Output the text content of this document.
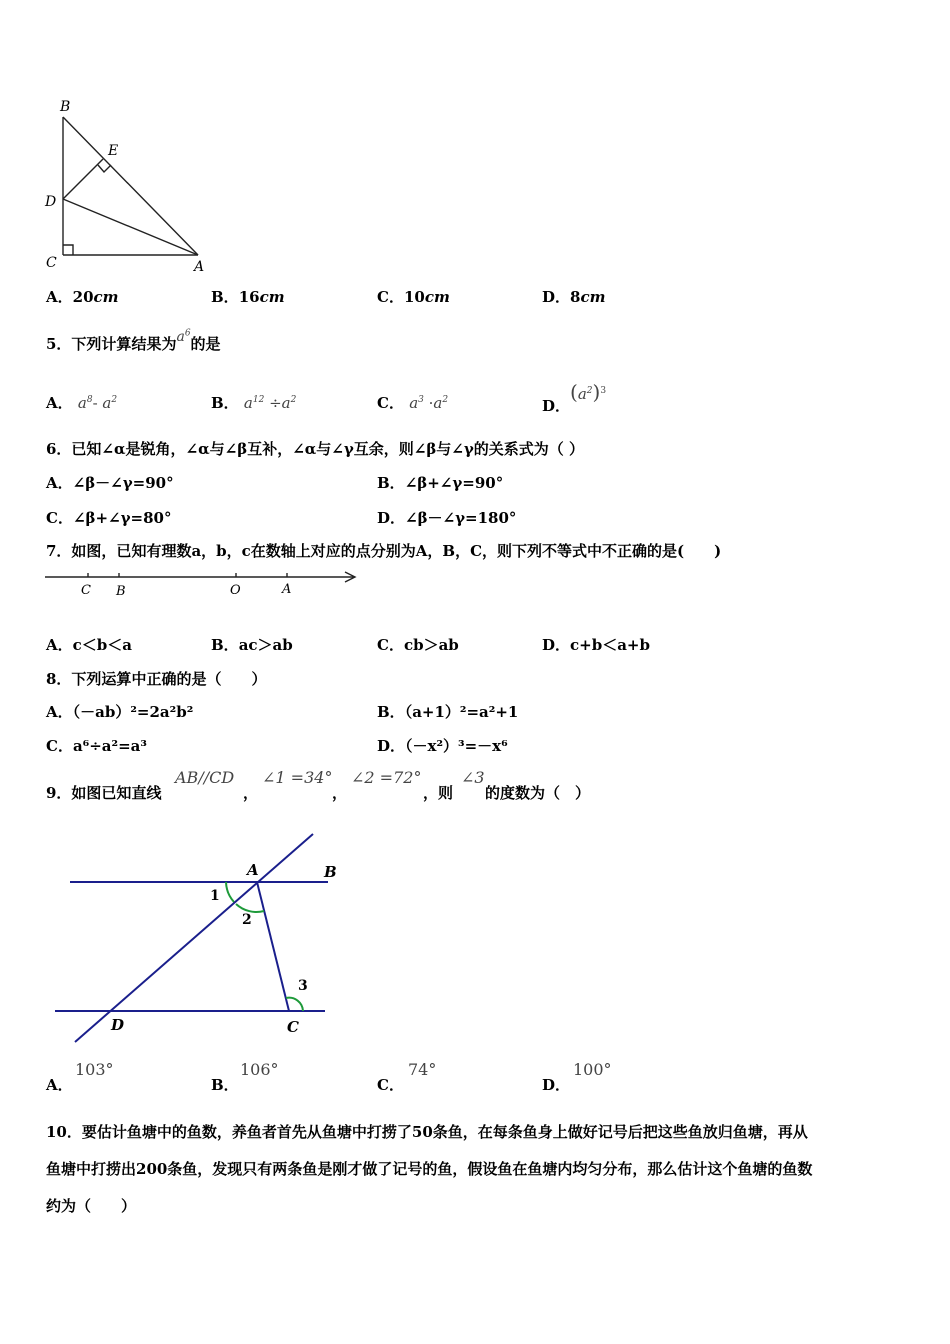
B
E
D
C	A
A．20cm	B．16cm	C．10cm	D．8cm
5．下列计算结果为$a^6$的是
A． $a^8-$ $a^2$	B． $a^{12} \div a^2$	C． $a^3 \cdot a^2$	D．$(a^2)^3$
6．已知∠α是锐角，∠α与∠β互补，∠α与∠γ互余，则∠β与∠γ的关系式为（ ）
A．∠β－∠γ=90°	B．∠β+∠γ=90°
C．∠β+∠γ=80°	D．∠β－∠γ=180°
7．如图，已知有理数a，b，c在数轴上对应的点分别为A，B，C，则下列不等式中不正确的是(　　)
C B	O	A
A．c＜b＜a	B．ac＞ab	C．cb＞ab	D．c+b＜a+b
8．下列运算中正确的是（　　）
A．（－ab）²=2a²b²	B．（a+1）²=a²+1
C．a⁶÷a²=a³	D．（－x²）³=－x⁶
9．如图已知直线
AB//CD
，
∠1 =34°
，
∠2 =72°
，则
∠3
的度数为（　）
A	B
D	C
1
2
3
A．
103°
B．
106°
C．
74°
D．
100°
10．要估计鱼塘中的鱼数，养鱼者首先从鱼塘中打捞了50条鱼，在每条鱼身上做好记号后把这些鱼放归鱼塘，再从
鱼塘中打捞出200条鱼，发现只有两条鱼是刚才做了记号的鱼，假设鱼在鱼塘内均匀分布，那么估计这个鱼塘的鱼数
约为（　　）
